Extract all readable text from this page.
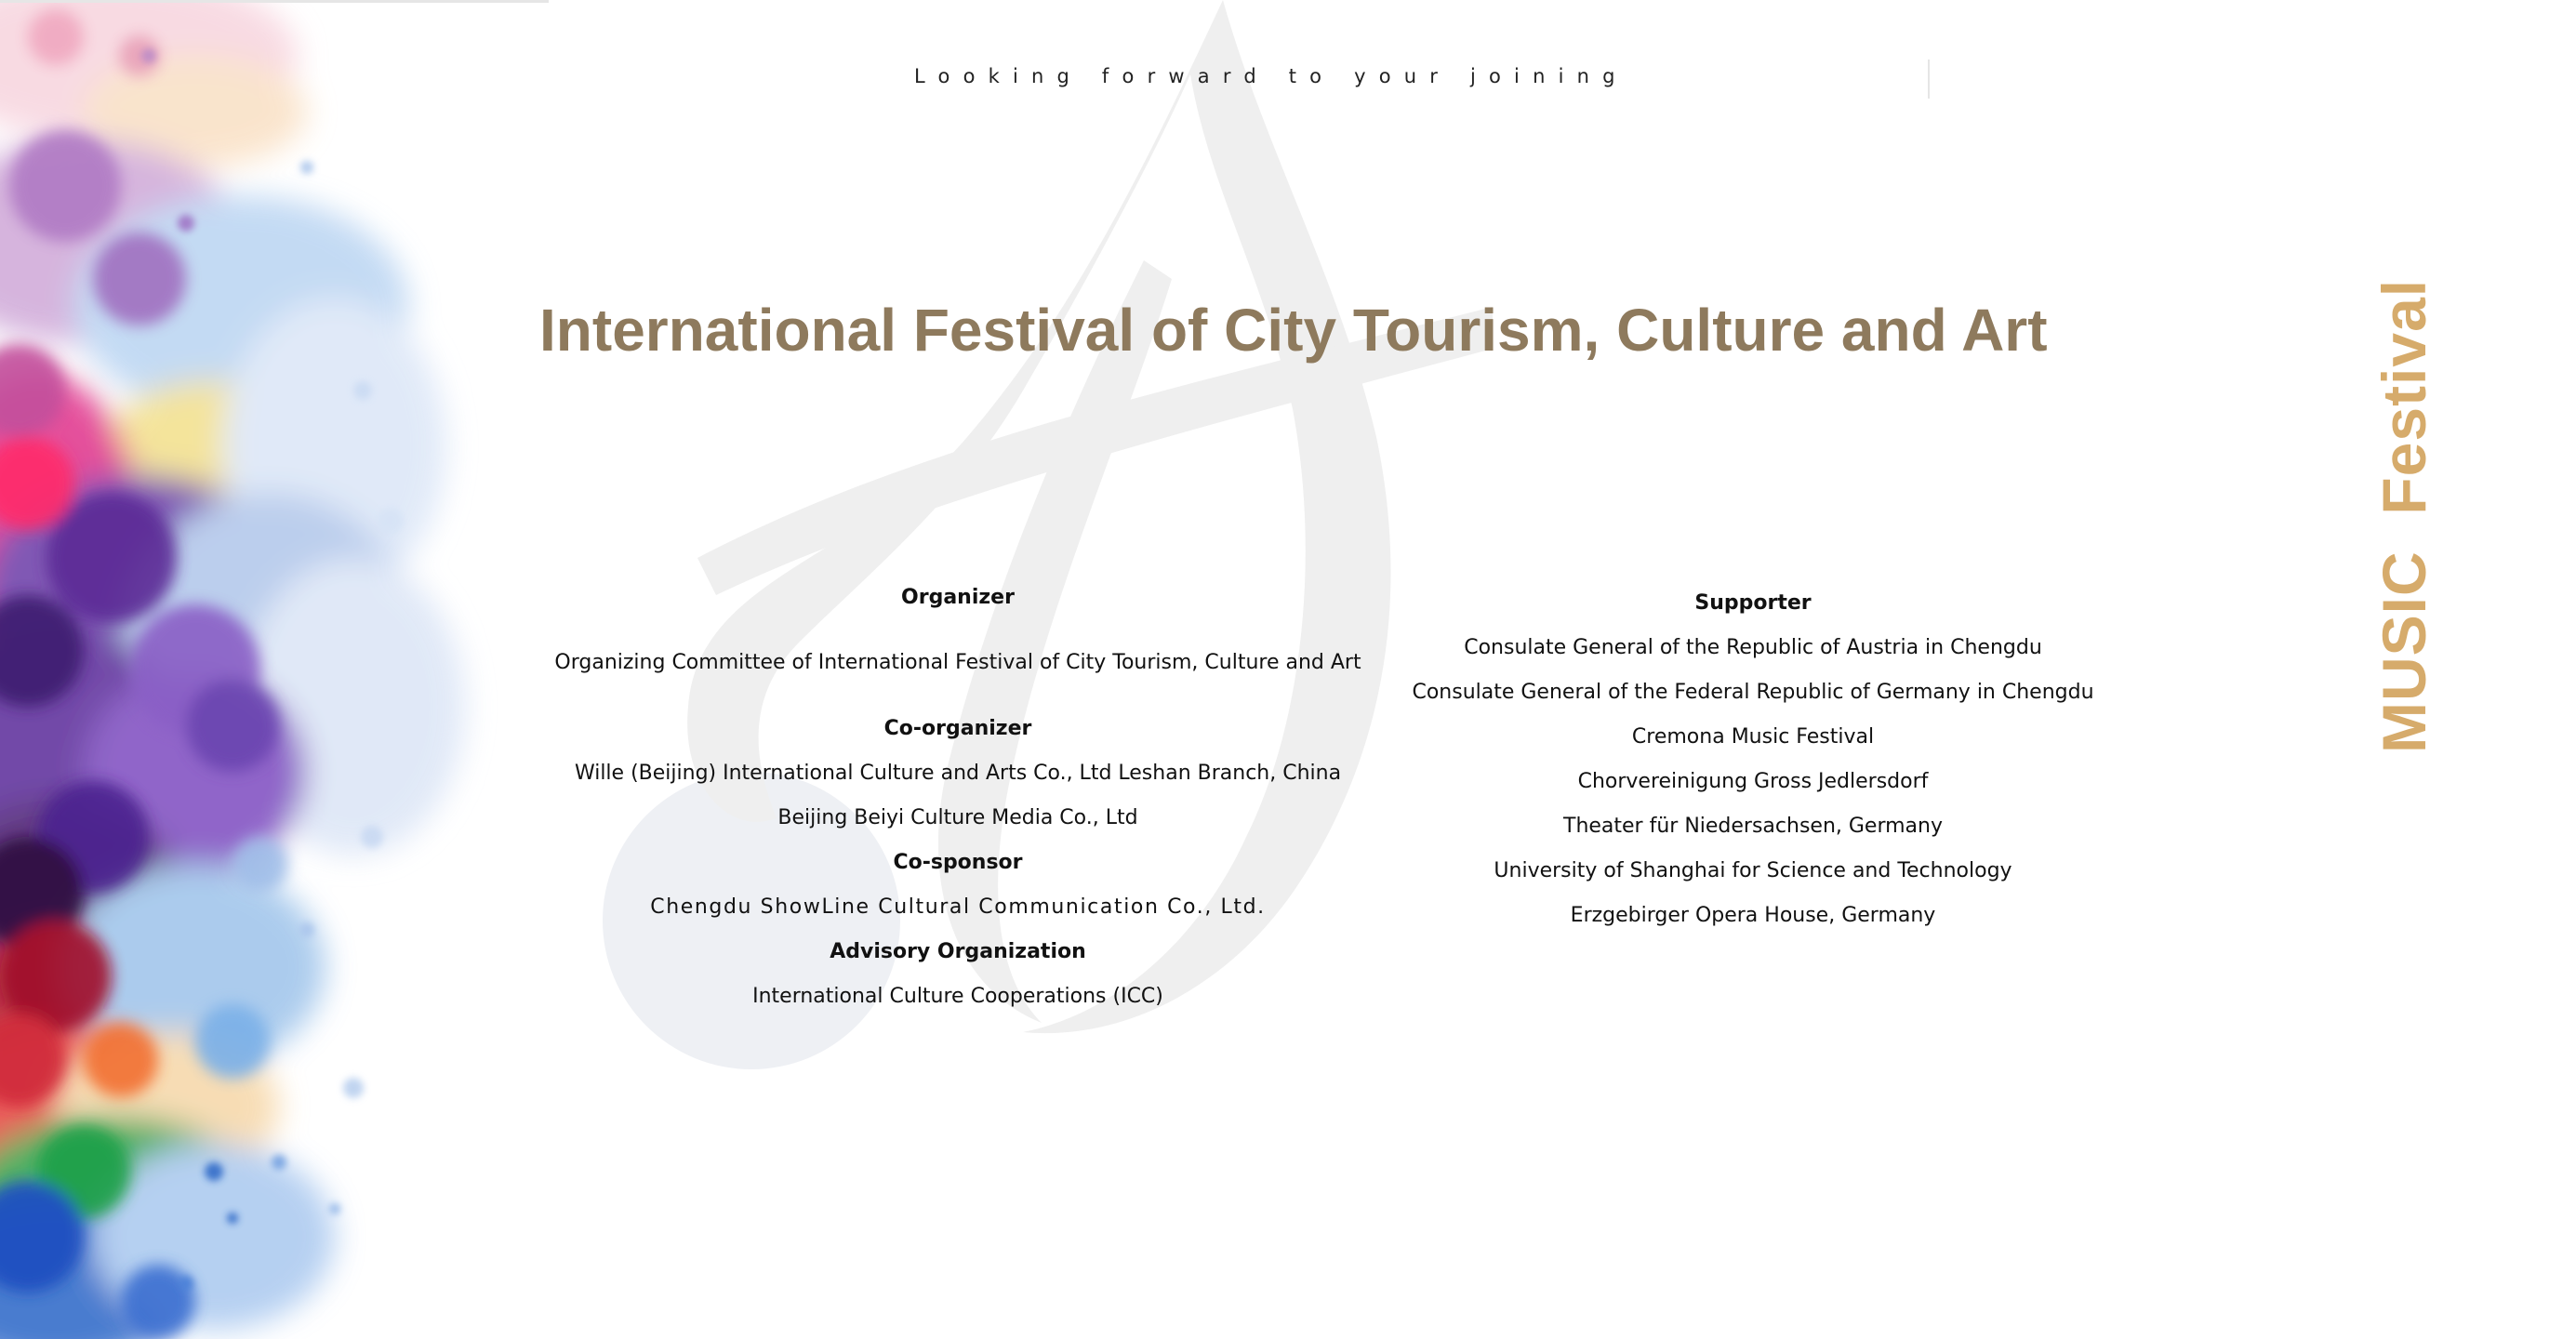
Looking forward to your joining
International Festival of City Tourism, Culture and Art	MUSIC  Festival
Organizer
Organizing Committee of International Festival of City Tourism, Culture and Art
Co-organizer
Wille (Beijing) International Culture and Arts Co., Ltd Leshan Branch, China
Beijing Beiyi Culture Media Co., Ltd
Co-sponsor
Chengdu ShowLine Cultural Communication Co., Ltd.
Advisory Organization
International Culture Cooperations (ICC)
Supporter
Consulate General of the Republic of Austria in Chengdu
Consulate General of the Federal Republic of Germany in Chengdu
Cremona Music Festival
Chorvereinigung Gross Jedlersdorf
Theater für Niedersachsen, Germany
University of Shanghai for Science and Technology
Erzgebirger Opera House, Germany
